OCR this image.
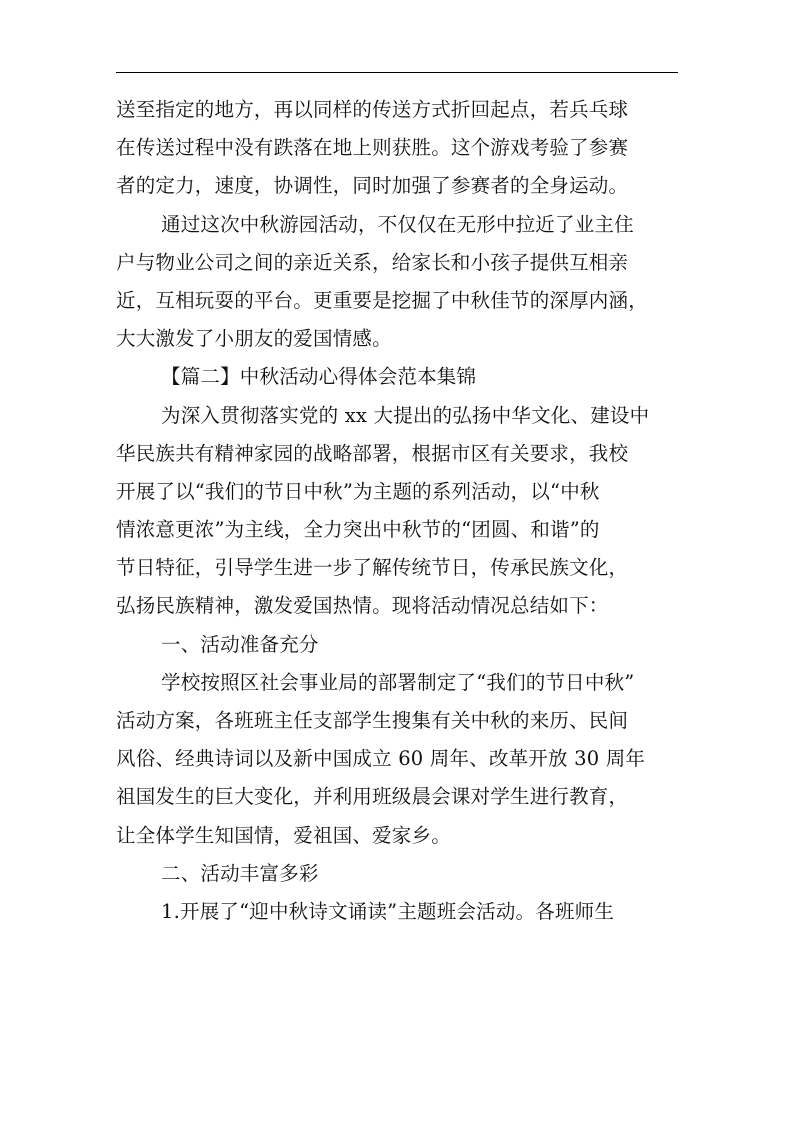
送至指定的地方，再以同样的传送方式折回起点，若兵乓球
在传送过程中没有跌落在地上则获胜。这个游戏考验了参赛
者的定力，速度，协调性，同时加强了参赛者的全身运动。
通过这次中秋游园活动，不仅仅在无形中拉近了业主住
户与物业公司之间的亲近关系，给家长和小孩子提供互相亲
近，互相玩耍的平台。更重要是挖掘了中秋佳节的深厚内涵，
大大激发了小朋友的爱国情感。
【篇二】中秋活动心得体会范本集锦
为深入贯彻落实党的 xx 大提出的弘扬中华文化、建设中
华民族共有精神家园的战略部署，根据市区有关要求，我校
开展了以“我们的节日中秋”为主题的系列活动，以“中秋
情浓意更浓”为主线，全力突出中秋节的“团圆、和谐”的
节日特征，引导学生进一步了解传统节日，传承民族文化，
弘扬民族精神，激发爱国热情。现将活动情况总结如下：
一、活动准备充分
学校按照区社会事业局的部署制定了“我们的节日中秋”
活动方案，各班班主任支部学生搜集有关中秋的来历、民间
风俗、经典诗词以及新中国成立 60 周年、改革开放 30 周年
祖国发生的巨大变化，并利用班级晨会课对学生进行教育，
让全体学生知国情，爱祖国、爱家乡。
二、活动丰富多彩
1.开展了“迎中秋诗文诵读”主题班会活动。各班师生
